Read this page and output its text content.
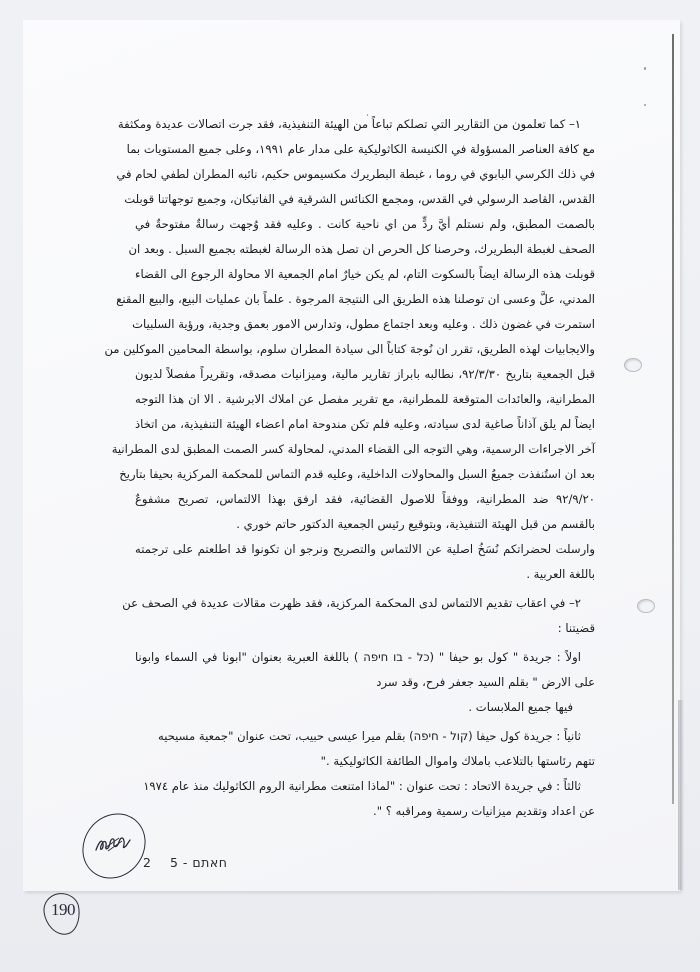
١– كما تعلمون من التقارير التي تصلكم تباعاً من الهيئة التنفيذية، فقد جرت اتصالات عديدة ومكثفة
مع كافة العناصر المسؤولة في الكنيسة الكاثوليكية على مدار عام ١٩٩١، وعلى جميع المستويات بما
في ذلك الكرسي البابوي في روما ، غبطة البطريرك مكسيموس حكيم، نائبه المطران لطفي لحام في
القدس، القاصد الرسولي في القدس، ومجمع الكنائس الشرقية في الفاتيكان، وجميع توجهاتنا قوبلت
بالصمت المطبق، ولم نستلم أيَّ ردٍّ من اي ناحية كانت . وعليه فقد وُجهت رسالةٌ مفتوحةٌ في
الصحف لغبطة البطريرك، وحرصنا كل الحرص ان تصل هذه الرسالة لغبطته بجميع السبل . وبعد ان
قوبلت هذه الرسالة ايضاً بالسكوت التام، لم يكن خيارٌ امام الجمعية الا محاولة الرجوع الى القضاء
المدني، علَّ وعسى ان توصلنا هذه الطريق الى النتيجة المرجوة . علماً بان عمليات البيع، والبيع المقنع
استمرت في غضون ذلك . وعليه وبعد اجتماع مطول، وتدارس الامور بعمق وجدية، ورؤية السلبيات
والايجابيات لهذه الطريق، تقرر ان نُوجهَ كتاباً الى سيادة المطران سلوم، بواسطة المحامين الموكلين من
قبل الجمعية بتاريخ ٩٢/٣/٣٠، نطالبه بابراز تقارير مالية، وميزانيات مصدقه، وتقريراً مفصلاً لديون
المطرانية، والعائدات المتوقعة للمطرانية، مع تقرير مفصل عن املاك الابرشية . الا ان هذا التوجه
ايضاً لم يلق آذاناً صاغية لدى سيادته، وعليه فلم تكن مندوحة امام اعضاء الهيئة التنفيذية، من اتخاذ
آخر الاجراءات الرسمية، وهي التوجه الى القضاء المدني، لمحاولة كسر الصمت المطبق لدى المطرانية
بعد ان استُنفذت جميعُ السبل والمحاولات الداخلية، وعليه قدم التماس للمحكمة المركزية بحيفا بتاريخ
٩٢/٩/٢٠ ضد المطرانية، ووفقاً للاصول القضائية، فقد ارفق بهذا الالتماس، تصريح مشفوعٌ
بالقسم من قبل الهيئة التنفيذية، وبتوقيع رئيس الجمعية الدكتور حاتم خوري .
وارسلت لحضراتكم نُسَخُ اصلية عن الالتماس والتصريح ونرجو ان تكونوا قد اطلعتم على ترجمته
باللغة العربية .
٢– في اعقاب تقديم الالتماس لدى المحكمة المركزية، فقد ظهرت مقالات عديدة في الصحف عن
قضيتنا :
اولاً : جريدة " كول بو حيفا " (כל - בו חיפה ) باللغة العبرية بعنوان "ابونا في السماء وابونا
على الارض " بقلم السيد جعفر فرح، وقد سرد
فيها جميع الملابسات .
ثانياً : جريدة كول حيفا (קול - חיפה) بقلم ميرا عيسى حبيب، تحت عنوان "جمعية مسيحيه
تتهم رئاستها بالتلاعب باملاك واموال الطائفة الكاثوليكية ."
ثالثاً : في جريدة الاتحاد : تحت عنوان : "لماذا امتنعت مطرانية الروم الكاثوليك منذ عام ١٩٧٤
عن اعداد وتقديم ميزانيات رسمية ومراقبه ؟ ".
2 חאתם - 5
190
